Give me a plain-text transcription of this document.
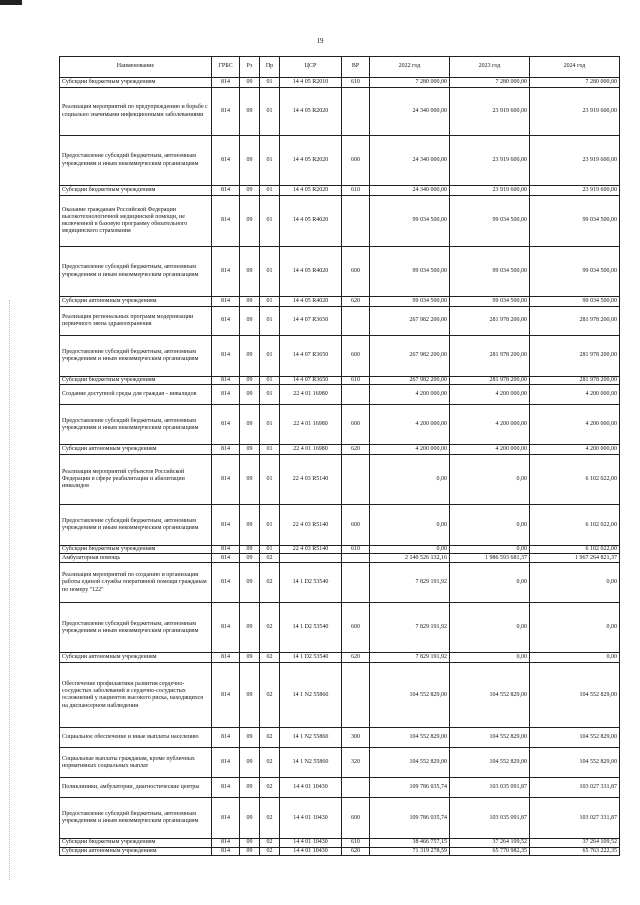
19
Наименование	ГРБС	Рз	Пр	ЦСР	ВР	2022 год	2023 год	2024 год
Субсидии бюджетным учреждениям	814	09	01	14 4 05 R2010	610	7 280 000,00	7 280 000,00	7 280 000,00
Реализация мероприятий по предупреждению и борьбе с социально значимыми инфекционными заболеваниями	814	09	01	14 4 05 R2020		24 340 000,00	23 919 600,00	23 919 600,00
Предоставление субсидий бюджетным, автономным учреждениям и иным некоммерческим организациям	814	09	01	14 4 05 R2020	600	24 340 000,00	23 919 600,00	23 919 600,00
Субсидии бюджетным учреждениям	814	09	01	14 4 05 R2020	610	24 340 000,00	23 919 600,00	23 919 600,00
Оказание гражданам Российской Федерации высокотехнологичной медицинской помощи, не включенной в базовую программу обязательного медицинского страхования	814	09	01	14 4 05 R4020		99 034 500,00	99 034 500,00	99 034 500,00
Предоставление субсидий бюджетным, автономным учреждениям и иным некоммерческим организациям	814	09	01	14 4 05 R4020	600	99 034 500,00	99 034 500,00	99 034 500,00
Субсидии автономным учреждениям	814	09	01	14 4 05 R4020	620	99 034 500,00	99 034 500,00	99 034 500,00
Реализация региональных программ модернизации первичного звена здравоохранения	814	09	01	14 4 07 R3650		267 982 200,00	281 978 200,00	281 978 200,00
Предоставление субсидий бюджетным, автономным учреждениям и иным некоммерческим организациям	814	09	01	14 4 07 R3650	600	267 982 200,00	281 978 200,00	281 978 200,00
Субсидии бюджетным учреждениям	814	09	01	14 4 07 R3650	610	267 982 200,00	281 978 200,00	281 978 200,00
Создание доступной среды для граждан - инвалидов	814	09	01	22 4 01 16980		4 200 000,00	4 200 000,00	4 200 000,00
Предоставление субсидий бюджетным, автономным учреждениям и иным некоммерческим организациям	814	09	01	22 4 01 16980	600	4 200 000,00	4 200 000,00	4 200 000,00
Субсидии автономным учреждениям	814	09	01	22 4 01 16980	620	4 200 000,00	4 200 000,00	4 200 000,00
Реализация мероприятий субъектов Российской Федерации в сфере реабилитации и абилитации инвалидов	814	09	01	22 4 03 R5140		0,00	0,00	6 102 022,00
Предоставление субсидий бюджетным, автономным учреждениям и иным некоммерческим организациям	814	09	01	22 4 03 R5140	600	0,00	0,00	6 102 022,00
Субсидии бюджетным учреждениям	814	09	01	22 4 03 R5140	610	0,00	0,00	6 102 022,00
Амбулаторная помощь	814	09	02			2 140 526 132,16	1 986 593 681,37	1 967 264 821,37
Реализация мероприятий по созданию и организации работы единой службы оперативной помощи гражданам по номеру "122"	814	09	02	14 1 D2 53540		7 829 191,92	0,00	0,00
Предоставление субсидий бюджетным, автономным учреждениям и иным некоммерческим организациям	814	09	02	14 1 D2 53540	600	7 829 191,92	0,00	0,00
Субсидии автономным учреждениям	814	09	02	14 1 D2 53540	620	7 829 191,92	0,00	0,00
Обеспечение профилактики развития сердечно-сосудистых заболеваний и сердечно-сосудистых осложнений у пациентов высокого риска, находящихся на диспансерном наблюдении	814	09	02	14 1 N2 55860		104 552 829,00	104 552 829,00	104 552 829,00
Социальное обеспечение и иные выплаты населению	814	09	02	14 1 N2 55860	300	104 552 829,00	104 552 829,00	104 552 829,00
Социальные выплаты гражданам, кроме публичных нормативных социальных выплат	814	09	02	14 1 N2 55860	320	104 552 829,00	104 552 829,00	104 552 829,00
Поликлиники, амбулатории, диагностические центры	814	09	02	14 4 01 10430		109 786 035,74	103 035 091,87	103 027 331,87
Предоставление субсидий бюджетным, автономным учреждениям и иным некоммерческим организациям	814	09	02	14 4 01 10430	600	109 786 035,74	103 035 091,87	103 027 331,87
Субсидии бюджетным учреждениям	814	09	02	14 4 01 10430	610	38 466 757,15	37 264 109,52	37 264 109,52
Субсидии автономным учреждениям	814	09	02	14 4 01 10430	620	71 319 278,59	65 770 982,35	65 763 222,35
